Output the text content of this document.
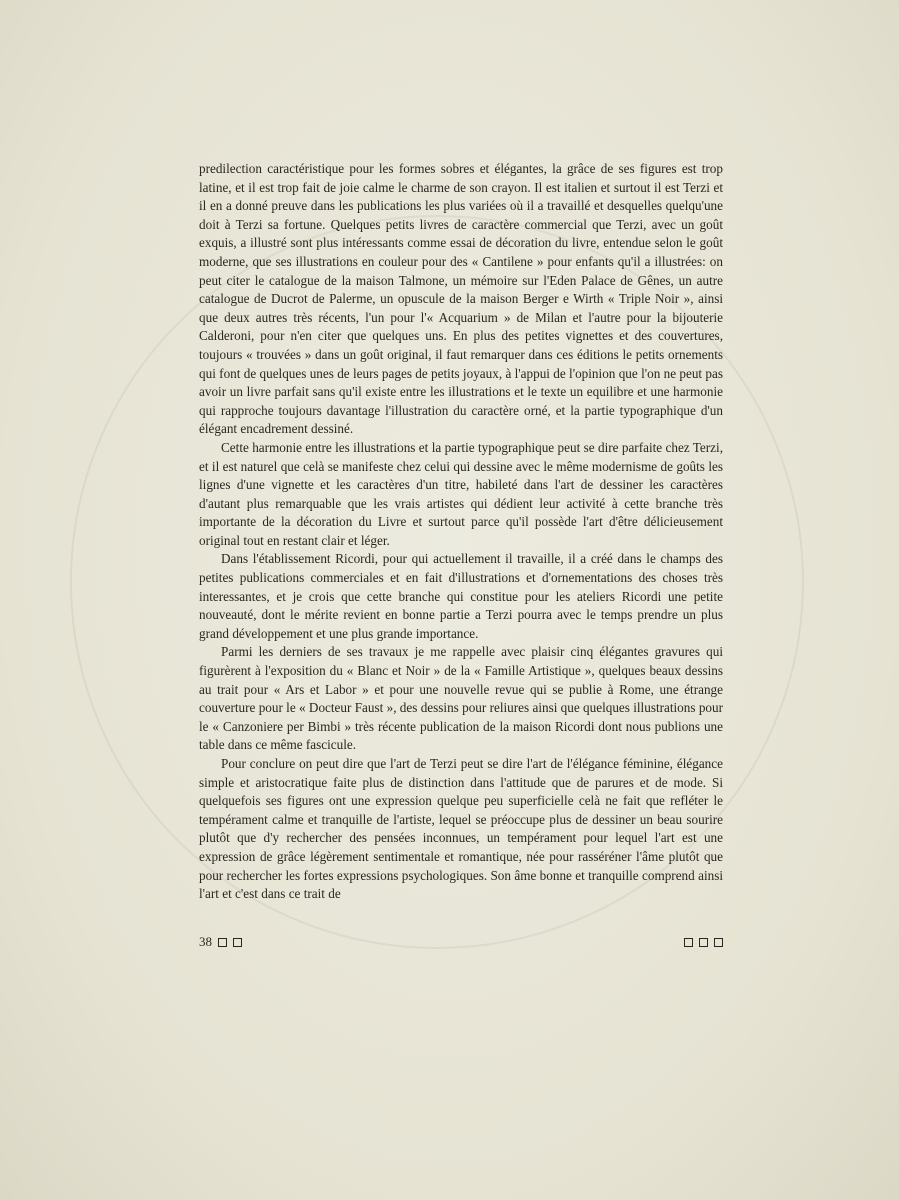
predilection caractéristique pour les formes sobres et élégantes, la grâce de ses figures est trop latine, et il est trop fait de joie calme le charme de son crayon. Il est italien et surtout il est Terzi et il en a donné preuve dans les publications les plus variées où il a travaillé et desquelles quelqu'une doit à Terzi sa fortune. Quelques petits livres de caractère commercial que Terzi, avec un goût exquis, a illustré sont plus intéressants comme essai de décoration du livre, entendue selon le goût moderne, que ses illustrations en couleur pour des « Cantilene » pour enfants qu'il a illustrées: on peut citer le catalogue de la maison Talmone, un mémoire sur l'Eden Palace de Gênes, un autre catalogue de Ducrot de Palerme, un opuscule de la maison Berger e Wirth « Triple Noir », ainsi que deux autres très récents, l'un pour l'« Acquarium » de Milan et l'autre pour la bijouterie Calderoni, pour n'en citer que quelques uns. En plus des petites vignettes et des couvertures, toujours « trouvées » dans un goût original, il faut remarquer dans ces éditions le petits ornements qui font de quelques unes de leurs pages de petits joyaux, à l'appui de l'opinion que l'on ne peut pas avoir un livre parfait sans qu'il existe entre les illustrations et le texte un equilibre et une harmonie qui rapproche toujours davantage l'illustration du caractère orné, et la partie typographique d'un élégant encadrement dessiné.

Cette harmonie entre les illustrations et la partie typographique peut se dire parfaite chez Terzi, et il est naturel que celà se manifeste chez celui qui dessine avec le même modernisme de goûts les lignes d'une vignette et les caractères d'un titre, habileté dans l'art de dessiner les caractères d'autant plus remarquable que les vrais artistes qui dédient leur activité à cette branche très importante de la décoration du Livre et surtout parce qu'il possède l'art d'être délicieusement original tout en restant clair et léger.

Dans l'établissement Ricordi, pour qui actuellement il travaille, il a créé dans le champs des petites publications commerciales et en fait d'illustrations et d'ornementations des choses très interessantes, et je crois que cette branche qui constitue pour les ateliers Ricordi une petite nouveauté, dont le mérite revient en bonne partie a Terzi pourra avec le temps prendre un plus grand développement et une plus grande importance.

Parmi les derniers de ses travaux je me rappelle avec plaisir cinq élégantes gravures qui figurèrent à l'exposition du « Blanc et Noir » de la « Famille Artistique », quelques beaux dessins au trait pour « Ars et Labor » et pour une nouvelle revue qui se publie à Rome, une étrange couverture pour le « Docteur Faust », des dessins pour reliures ainsi que quelques illustrations pour le « Canzoniere per Bimbi » très récente publication de la maison Ricordi dont nous publions une table dans ce même fascicule.

Pour conclure on peut dire que l'art de Terzi peut se dire l'art de l'élégance féminine, élégance simple et aristocratique faite plus de distinction dans l'attitude que de parures et de mode. Si quelquefois ses figures ont une expression quelque peu superficielle celà ne fait que refléter le tempérament calme et tranquille de l'artiste, lequel se préoccupe plus de dessiner un beau sourire plutôt que d'y rechercher des pensées inconnues, un tempérament pour lequel l'art est une expression de grâce légèrement sentimentale et romantique, née pour rasséréner l'âme plutôt que pour rechercher les fortes expressions psychologiques. Son âme bonne et tranquille comprend ainsi l'art et c'est dans ce trait de

38
